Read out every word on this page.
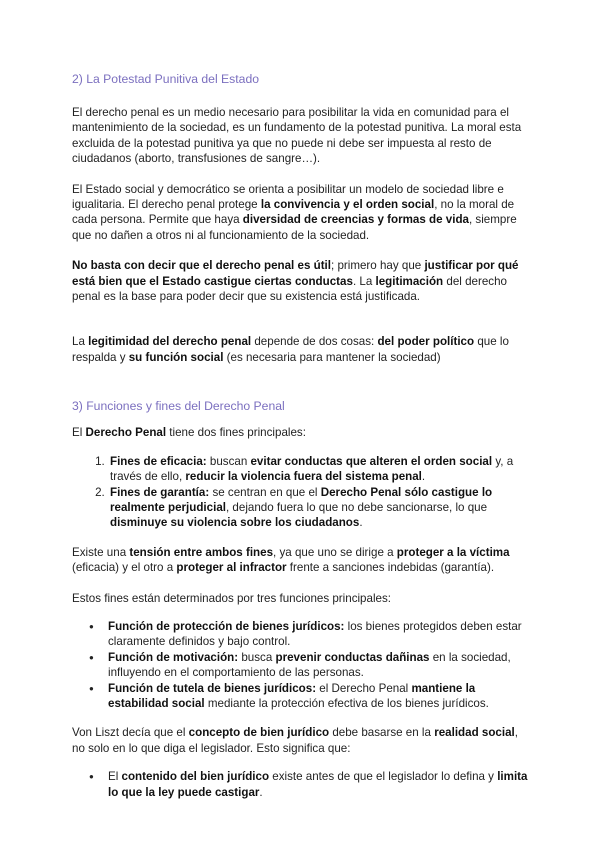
2) La Potestad Punitiva del Estado

El derecho penal es un medio necesario para posibilitar la vida en comunidad para el mantenimiento de la sociedad, es un fundamento de la potestad punitiva. La moral esta excluida de la potestad punitiva ya que no puede ni debe ser impuesta al resto de ciudadanos (aborto, transfusiones de sangre…).

El Estado social y democrático se orienta a posibilitar un modelo de sociedad libre e igualitaria. El derecho penal protege la convivencia y el orden social, no la moral de cada persona. Permite que haya diversidad de creencias y formas de vida, siempre que no dañen a otros ni al funcionamiento de la sociedad.

No basta con decir que el derecho penal es útil; primero hay que justificar por qué está bien que el Estado castigue ciertas conductas. La legitimación del derecho penal es la base para poder decir que su existencia está justificada.

La legitimidad del derecho penal depende de dos cosas: del poder político que lo respalda y su función social (es necesaria para mantener la sociedad)

3) Funciones y fines del Derecho Penal

El Derecho Penal tiene dos fines principales:

1. Fines de eficacia: buscan evitar conductas que alteren el orden social y, a través de ello, reducir la violencia fuera del sistema penal.
2. Fines de garantía: se centran en que el Derecho Penal sólo castigue lo realmente perjudicial, dejando fuera lo que no debe sancionarse, lo que disminuye su violencia sobre los ciudadanos.

Existe una tensión entre ambos fines, ya que uno se dirige a proteger a la víctima (eficacia) y el otro a proteger al infractor frente a sanciones indebidas (garantía).

Estos fines están determinados por tres funciones principales:

● Función de protección de bienes jurídicos: los bienes protegidos deben estar claramente definidos y bajo control.
● Función de motivación: busca prevenir conductas dañinas en la sociedad, influyendo en el comportamiento de las personas.
● Función de tutela de bienes jurídicos: el Derecho Penal mantiene la estabilidad social mediante la protección efectiva de los bienes jurídicos.

Von Liszt decía que el concepto de bien jurídico debe basarse en la realidad social, no solo en lo que diga el legislador. Esto significa que:

● El contenido del bien jurídico existe antes de que el legislador lo defina y limita lo que la ley puede castigar.
